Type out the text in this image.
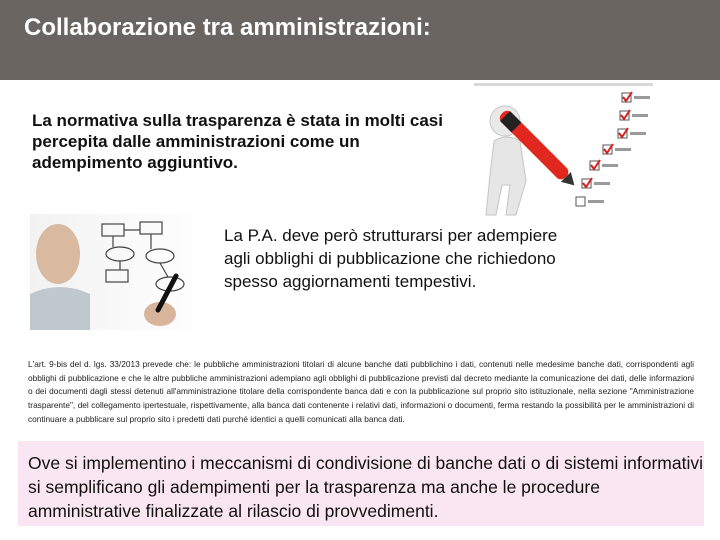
Collaborazione tra amministrazioni:
La normativa sulla trasparenza è stata in molti casi percepita dalle amministrazioni come un adempimento aggiuntivo.
La P.A. deve però strutturarsi per adempiere agli obblighi di pubblicazione che richiedono spesso aggiornamenti tempestivi.
L'art. 9-bis del d. lgs. 33/2013 prevede che: le pubbliche amministrazioni titolari di alcune banche dati pubblichino i dati, contenuti nelle medesime banche dati, corrispondenti agli obblighi di pubblicazione e che le altre pubbliche amministrazioni adempiano agli obblighi di pubblicazione previsti dal decreto mediante la comunicazione dei dati, delle informazioni o dei documenti dagli stessi detenuti all'amministrazione titolare della corrispondente banca dati e con la pubblicazione sul proprio sito istituzionale, nella sezione "Amministrazione trasparente", del collegamento ipertestuale, rispettivamente, alla banca dati contenente i relativi dati, informazioni o documenti, ferma restando la possibilità per le amministrazioni di continuare a pubblicare sul proprio sito i predetti dati purché identici a quelli comunicati alla banca dati.
Ove si implementino i meccanismi di condivisione di banche dati o di sistemi informativi si semplificano gli adempimenti per la trasparenza ma anche le procedure amministrative finalizzate al rilascio di provvedimenti.
